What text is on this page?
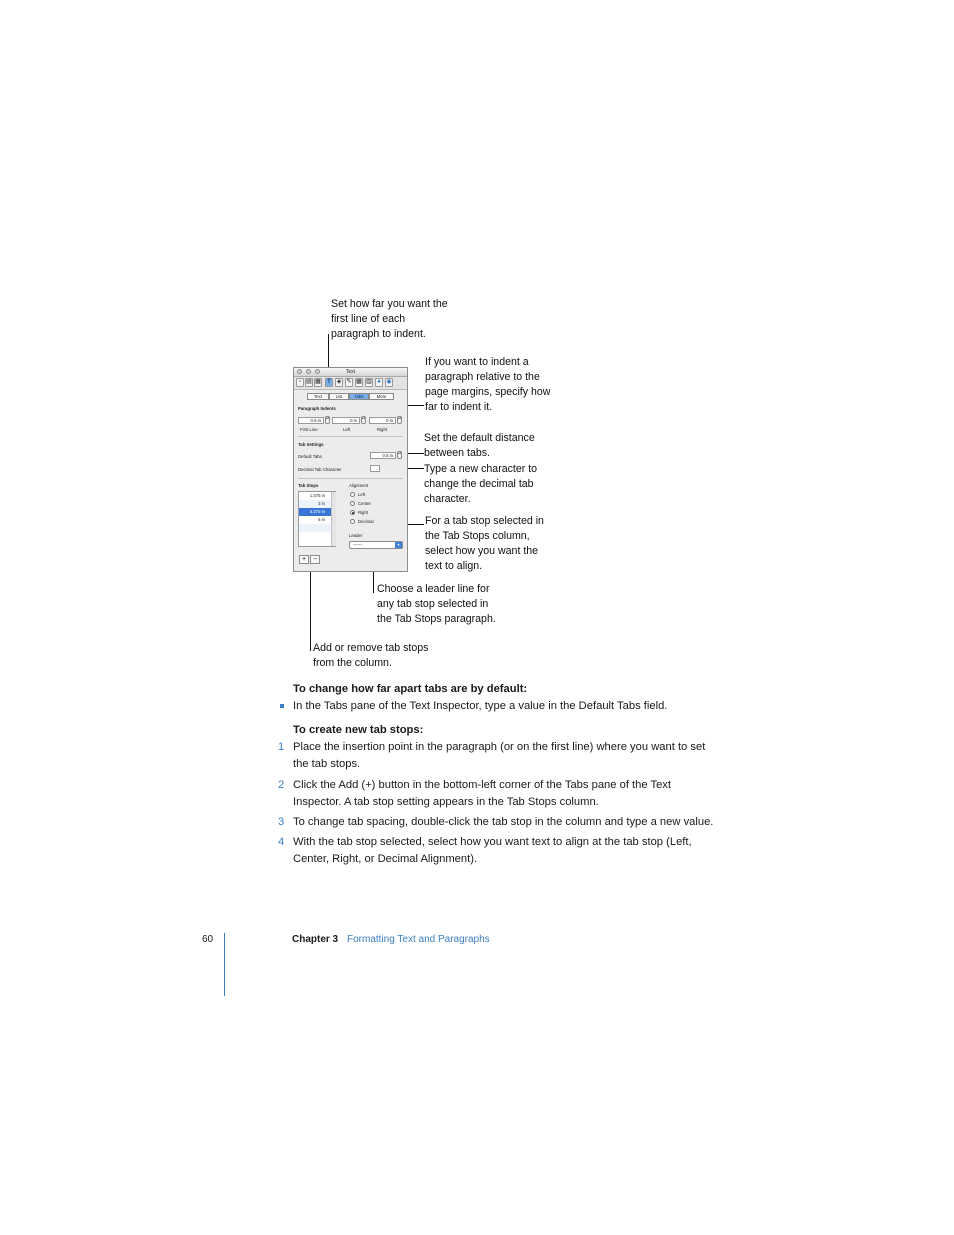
Set how far you want the
first line of each
paragraph to indent.
If you want to indent a
paragraph relative to the
page margins, specify how
far to indent it.
Set the default distance
between tabs.
Type a new character to
change the decimal tab
character.
For a tab stop selected in
the Tab Stops column,
select how you want the
text to align.
Choose a leader line for
any tab stop selected in
the Tab Stops paragraph.
Add or remove tab stops
from the column.
Text
▫ ▤ ▦	T ◈ ✎ ▦ ▥ ● ◉
Text	List	Tabs	More
Paragraph Indents
0.5 in	▴▾	0 in	▴▾	0 in	▴▾
First Line	Left	Right
Tab Settings
Default Tabs	0.5 in	▴▾
Decimal Tab Character	.
Tab Stops
1.375 in
3 in
4.375 in
6 in
Alignment
Left
Center
Right
Decimal
Leader
------	▾
+ −
To change how far apart tabs are by default:
In the Tabs pane of the Text Inspector, type a value in the Default Tabs field.
To create new tab stops:
1 Place the insertion point in the paragraph (or on the first line) where you want to set
the tab stops.
2 Click the Add (+) button in the bottom-left corner of the Tabs pane of the Text
Inspector. A tab stop setting appears in the Tab Stops column.
3 To change tab spacing, double-click the tab stop in the column and type a new value.
4 With the tab stop selected, select how you want text to align at the tab stop (Left,
Center, Right, or Decimal Alignment).
60	Chapter 3 Formatting Text and Paragraphs
